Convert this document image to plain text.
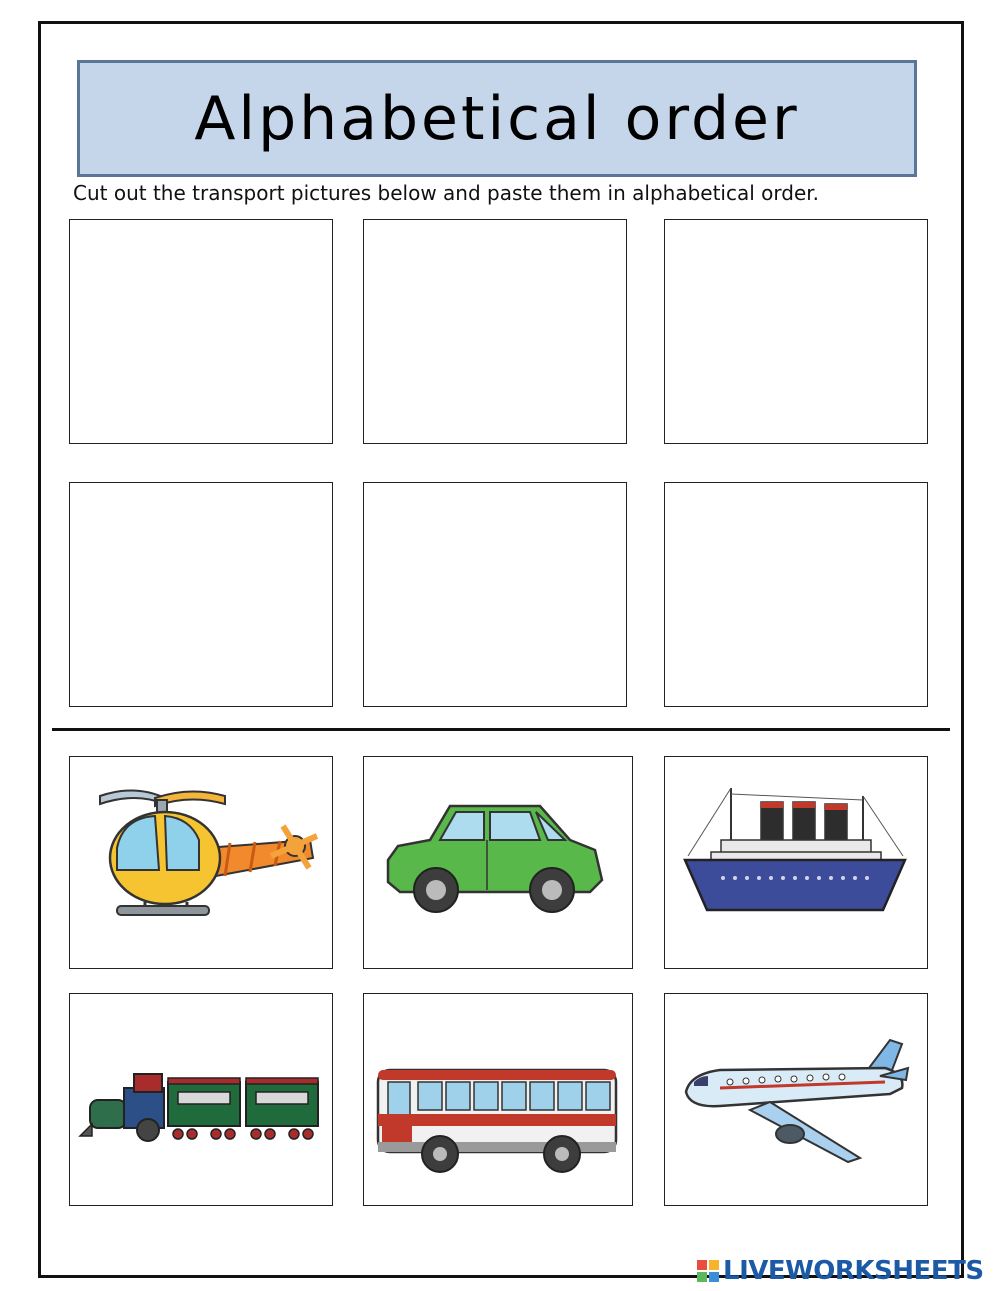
Alphabetical order
Cut out the transport pictures below and paste them in alphabetical order.
LIVEWORKSHEETS
